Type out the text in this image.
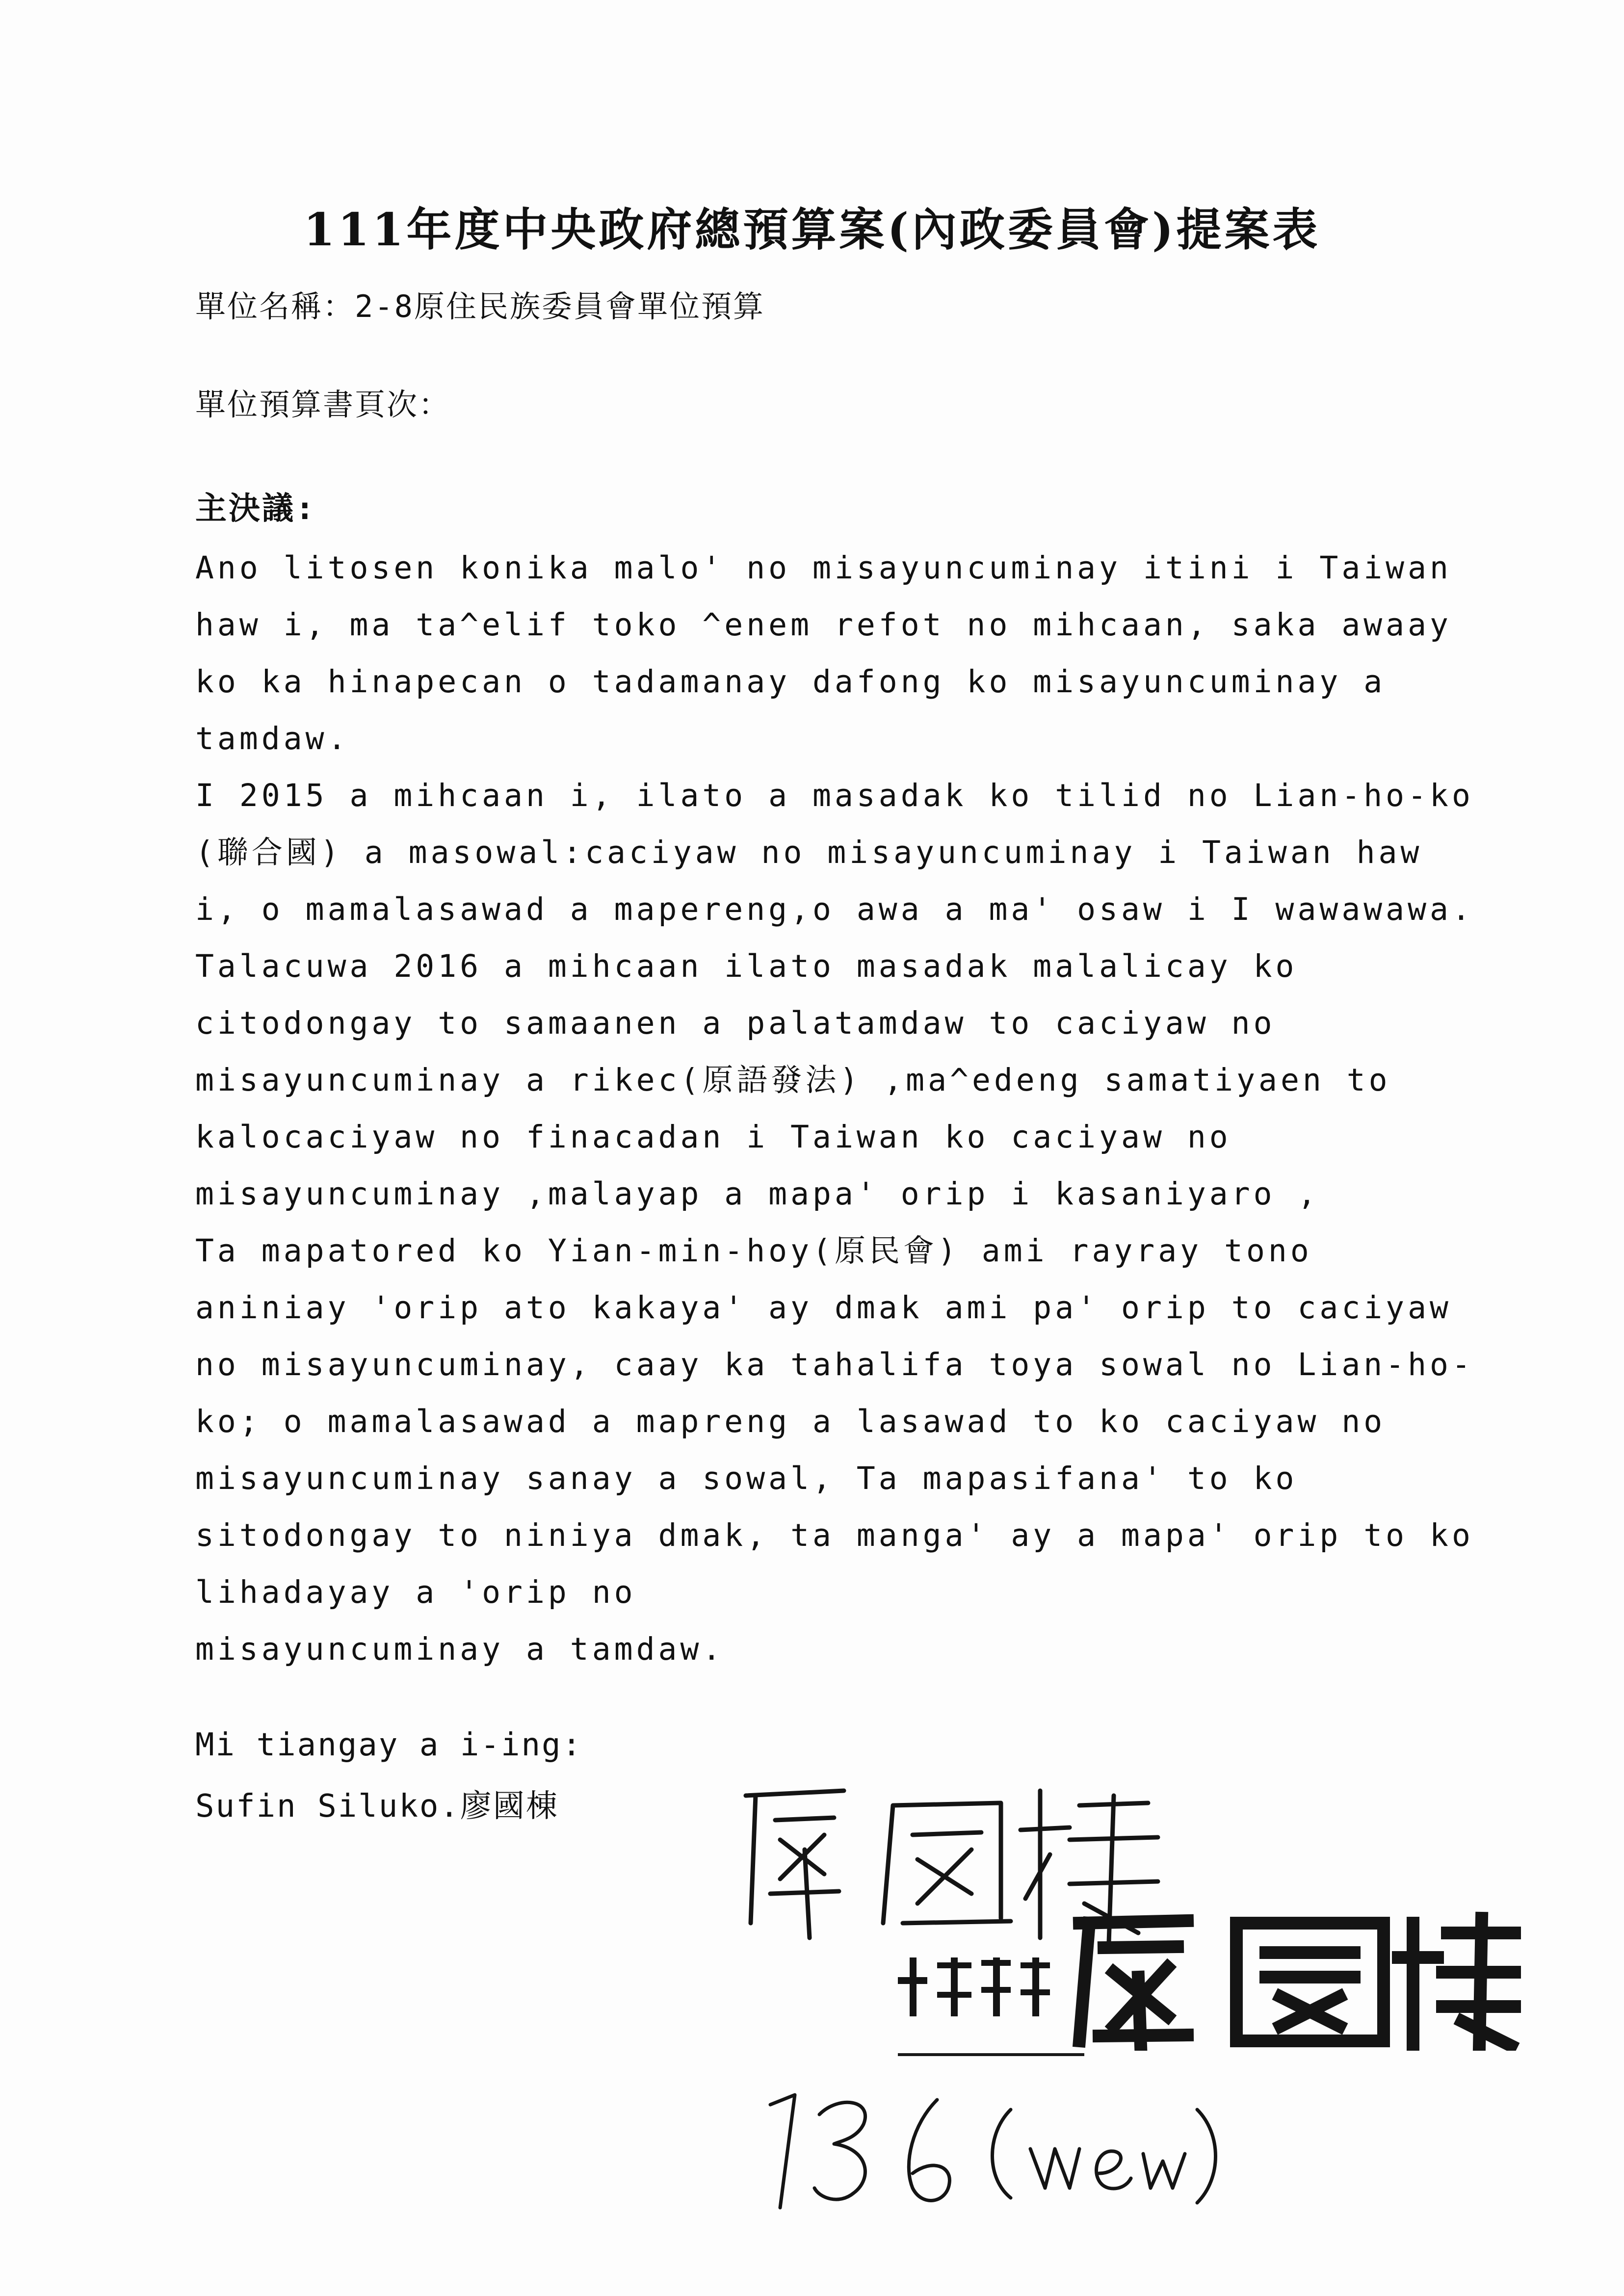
111年度中央政府總預算案(內政委員會)提案表

單位名稱：2-8原住民族委員會單位預算

單位預算書頁次：

主決議:

Ano litosen konika malo' no misayuncuminay itini i Taiwan haw i, ma ta^elif toko ^enem refot no mihcaan, saka awaay ko ka hinapecan o tadamanay dafong ko misayuncuminay a tamdaw.

I 2015 a mihcaan i, ilato a masadak ko tilid no Lian-ho-ko (聯合國) a masowal:caciyaw no misayuncuminay i Taiwan haw i, o mamalasawad a mapereng,o awa a ma' osaw i I wawawawa. Talacuwa 2016 a mihcaan ilato masadak malalicay ko citodongay to samaanen a palatamdaw to caciyaw no misayuncuminay a rikec(原語發法) ,ma^edeng samatiyaen to kalocaciyaw no finacadan i Taiwan ko caciyaw no misayuncuminay ,malayap a mapa' orip i kasaniyaro ,

Ta mapatored ko Yian-min-hoy(原民會) ami rayray tono aniniay 'orip ato kakaya' ay dmak ami pa' orip to caciyaw no misayuncuminay, caay ka tahalifa toya sowal no Lian-ho-ko; o mamalasawad a mapreng a lasawad to ko caciyaw no misayuncuminay sanay a sowal, Ta mapasifana' to ko sitodongay to niniya dmak, ta manga' ay a mapa' orip to ko lihadayay a 'orip no

misayuncuminay a tamdaw.

Mi tiangay a i-ing:

Sufin Siluko.廖國棟
